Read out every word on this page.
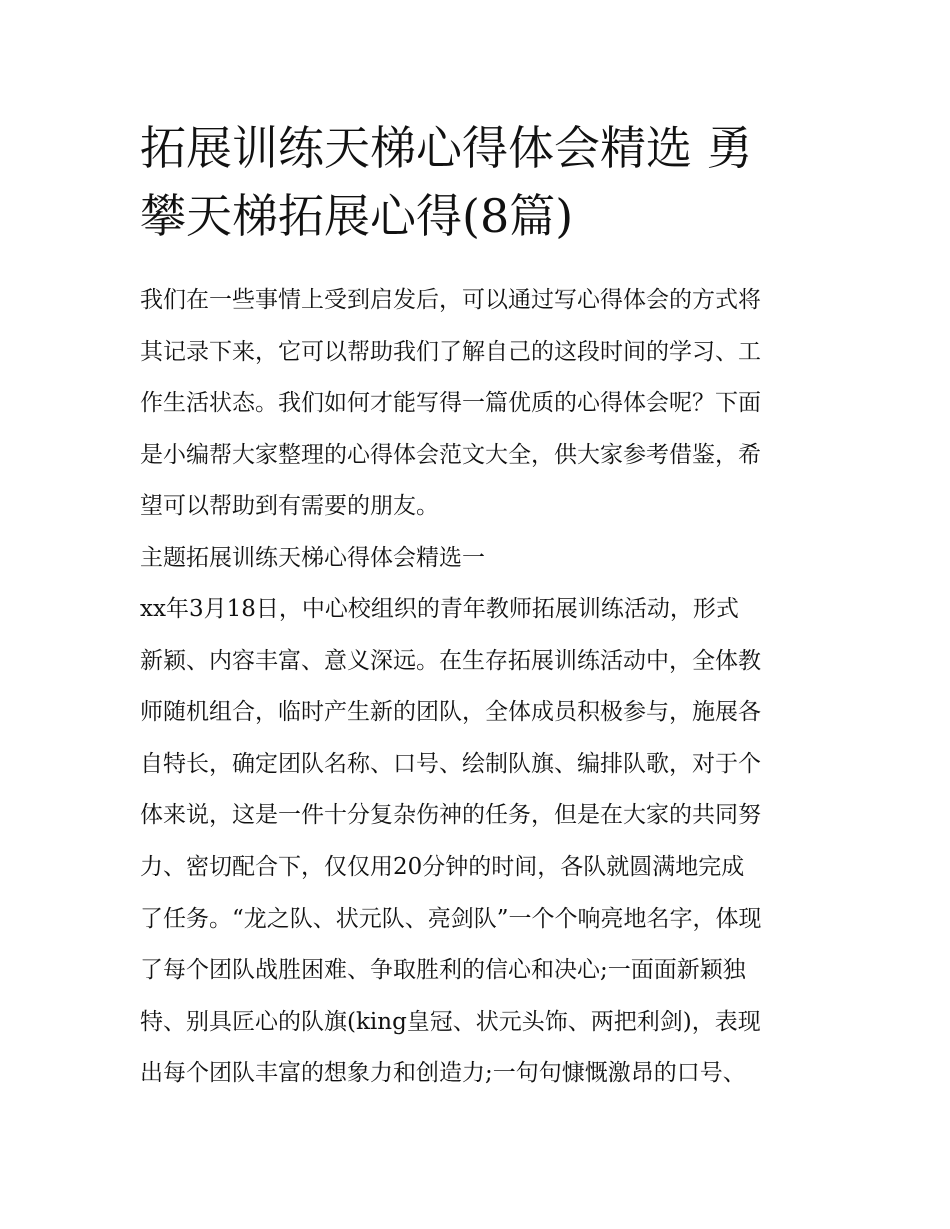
拓展训练天梯心得体会精选 勇
攀天梯拓展心得(8篇)
我们在一些事情上受到启发后，可以通过写心得体会的方式将
其记录下来，它可以帮助我们了解自己的这段时间的学习、工
作生活状态。我们如何才能写得一篇优质的心得体会呢？下面
是小编帮大家整理的心得体会范文大全，供大家参考借鉴，希
望可以帮助到有需要的朋友。
主题拓展训练天梯心得体会精选一
xx年3月18日，中心校组织的青年教师拓展训练活动，形式
新颖、内容丰富、意义深远。在生存拓展训练活动中，全体教
师随机组合，临时产生新的团队，全体成员积极参与，施展各
自特长，确定团队名称、口号、绘制队旗、编排队歌，对于个
体来说，这是一件十分复杂伤神的任务，但是在大家的共同努
力、密切配合下，仅仅用20分钟的时间，各队就圆满地完成
了任务。“龙之队、状元队、亮剑队”一个个响亮地名字，体现
了每个团队战胜困难、争取胜利的信心和决心;一面面新颖独
特、别具匠心的队旗(king皇冠、状元头饰、两把利剑)，表现
出每个团队丰富的想象力和创造力;一句句慷慨激昂的口号、
